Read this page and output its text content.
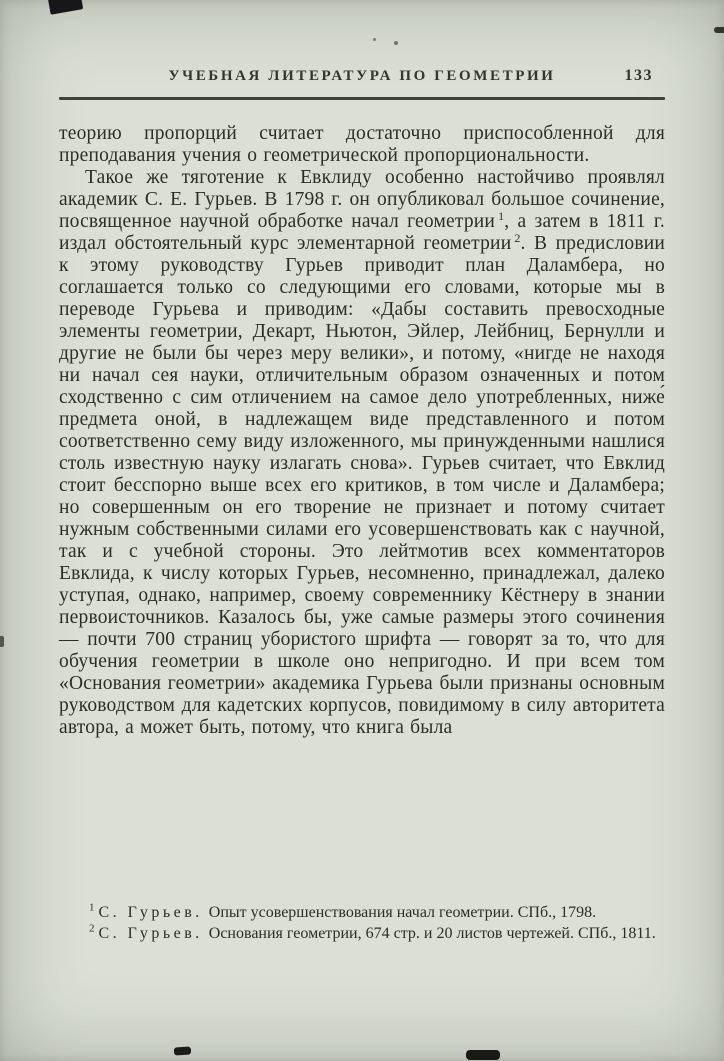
УЧЕБНАЯ ЛИТЕРАТУРА ПО ГЕОМЕТРИИ	133

теорию пропорций считает достаточно приспособленной для преподавания учения о геометрической пропорциональности.

Такое же тяготение к Евклиду особенно настойчиво проявлял академик С. Е. Гурьев. В 1798 г. он опубликовал большое сочинение, посвященное научной обработке начал геометрии $^1$, а затем в 1811 г. издал обстоятельный курс элементарной геометрии $^2$. В предисловии к этому руководству Гурьев приводит план Даламбера, но соглашается только со следующими его словами, которые мы в переводе Гурьева и приводим: «Дабы составить превосходные элементы геометрии, Декарт, Ньютон, Эйлер, Лейбниц, Бернулли и другие не были бы через меру велики», и потому, «нигде не находя ни начал сея науки, отличительным образом означенных и потом сходственно с сим отличением на самое дело употребленных, ниже́ предмета оной, в надлежащем виде представленного и потом соответственно сему виду изложенного, мы принужденными нашлися столь известную науку излагать снова». Гурьев считает, что Евклид стоит бесспорно выше всех его критиков, в том числе и Даламбера; но совершенным он его творение не признает и потому считает нужным собственными силами его усовершенствовать как с научной, так и с учебной стороны. Это лейтмотив всех комментаторов Евклида, к числу которых Гурьев, несомненно, принадлежал, далеко уступая, однако, например, своему современнику Кёстнеру в знании первоисточников. Казалось бы, уже самые размеры этого сочинения — почти 700 страниц убористого шрифта — говорят за то, что для обучения геометрии в школе оно непригодно. И при всем том «Основания геометрии» академика Гурьева были признаны основным руководством для кадетских корпусов, повидимому в силу авторитета автора, а может быть, потому, что книга была

$^1$ С. Гурьев. Опыт усовершенствования начал геометрии. СПб., 1798.

$^2$ С. Гурьев. Основания геометрии, 674 стр. и 20 листов чертежей. СПб., 1811.
